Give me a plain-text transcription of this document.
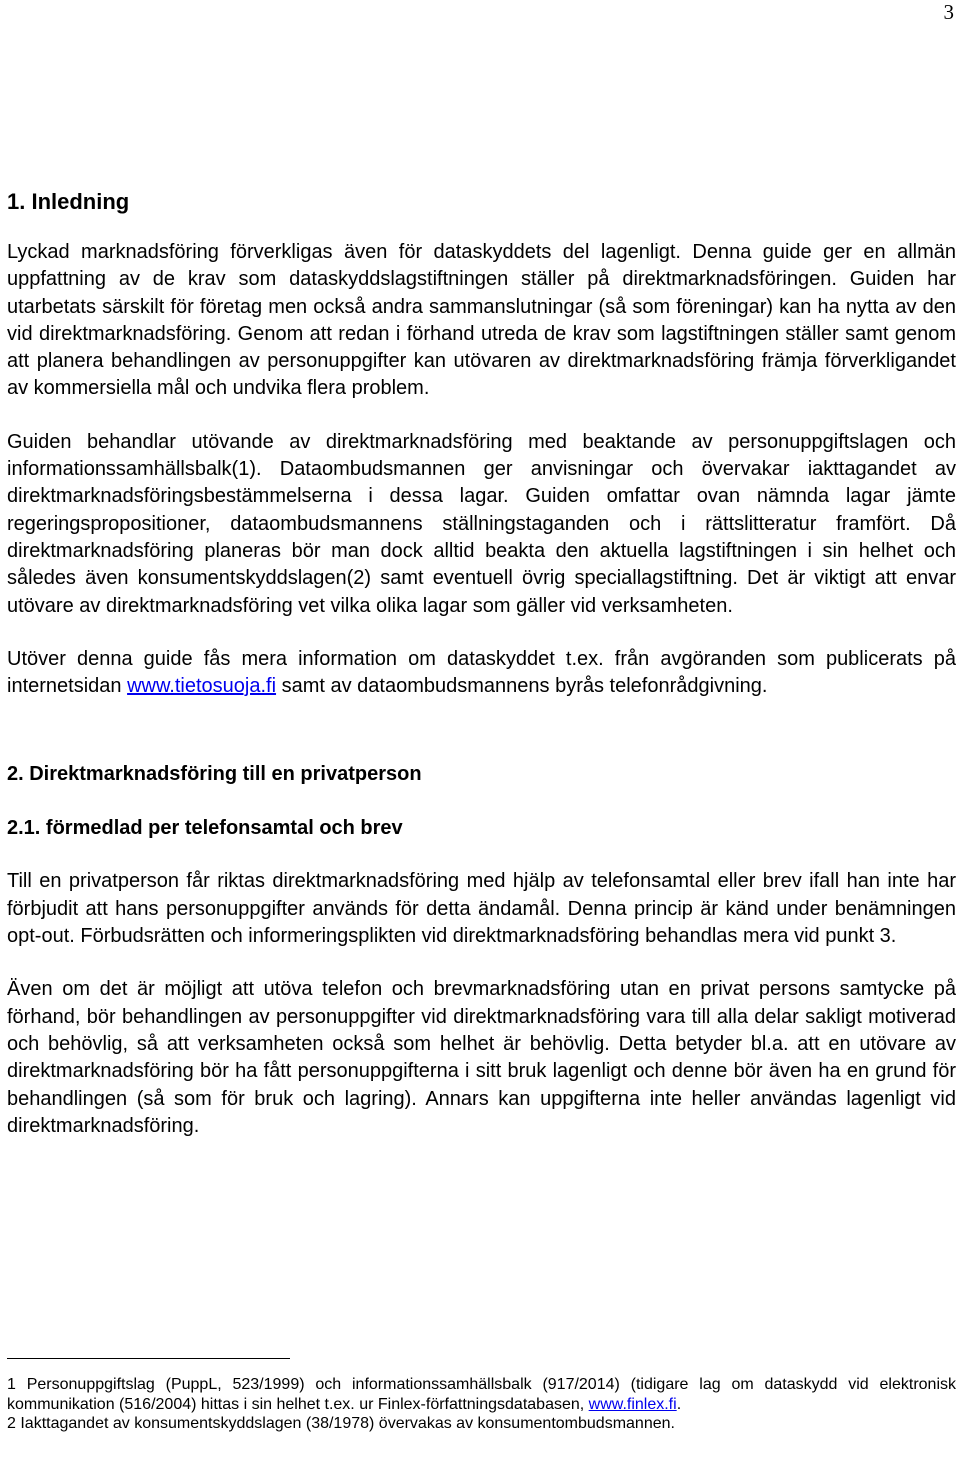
3
1. Inledning

Lyckad marknadsföring förverkligas även för dataskyddets del lagenligt. Denna guide ger en allmän uppfattning av de krav som dataskyddslagstiftningen ställer på direktmarknadsföringen. Guiden har utarbetats särskilt för företag men också andra sammanslutningar (så som föreningar) kan ha nytta av den vid direktmarknadsföring. Genom att redan i förhand utreda de krav som lagstiftningen ställer samt genom att planera behandlingen av personuppgifter kan utövaren av direktmarknadsföring främja förverkligandet av kommersiella mål och undvika flera problem.

Guiden behandlar utövande av direktmarknadsföring med beaktande av personuppgiftslagen och informationssamhällsbalk(1). Dataombudsmannen ger anvisningar och övervakar iakttagandet av direktmarknadsföringsbestämmelserna i dessa lagar. Guiden omfattar ovan nämnda lagar jämte regeringspropositioner, dataombudsmannens ställningstaganden och i rättslitteratur framfört. Då direktmarknadsföring planeras bör man dock alltid beakta den aktuella lagstiftningen i sin helhet och således även konsumentskyddslagen(2) samt eventuell övrig speciallagstiftning. Det är viktigt att envar utövare av direktmarknadsföring vet vilka olika lagar som gäller vid verksamheten.

Utöver denna guide fås mera information om dataskyddet t.ex. från avgöranden som publicerats på internetsidan www.tietosuoja.fi samt av dataombudsmannens byrås telefonrådgivning.

2. Direktmarknadsföring till en privatperson
2.1. förmedlad per telefonsamtal och brev

Till en privatperson får riktas direktmarknadsföring med hjälp av telefonsamtal eller brev ifall han inte har förbjudit att hans personuppgifter används för detta ändamål. Denna princip är känd under benämningen opt-out. Förbudsrätten och informeringsplikten vid direktmarknadsföring behandlas mera vid punkt 3.

Även om det är möjligt att utöva telefon och brevmarknadsföring utan en privat persons samtycke på förhand, bör behandlingen av personuppgifter vid direktmarknadsföring vara till alla delar sakligt motiverad och behövlig, så att verksamheten också som helhet är behövlig. Detta betyder bl.a. att en utövare av direktmarknadsföring bör ha fått personuppgifterna i sitt bruk lagenligt och denne bör även ha en grund för behandlingen (så som för bruk och lagring). Annars kan uppgifterna inte heller användas lagenligt vid direktmarknadsföring.

1 Personuppgiftslag (PuppL, 523/1999) och informationssamhällsbalk (917/2014) (tidigare lag om dataskydd vid elektronisk kommunikation (516/2004) hittas i sin helhet t.ex. ur Finlex-författningsdatabasen, www.finlex.fi.

2 Iakttagandet av konsumentskyddslagen (38/1978) övervakas av konsumentombudsmannen.
